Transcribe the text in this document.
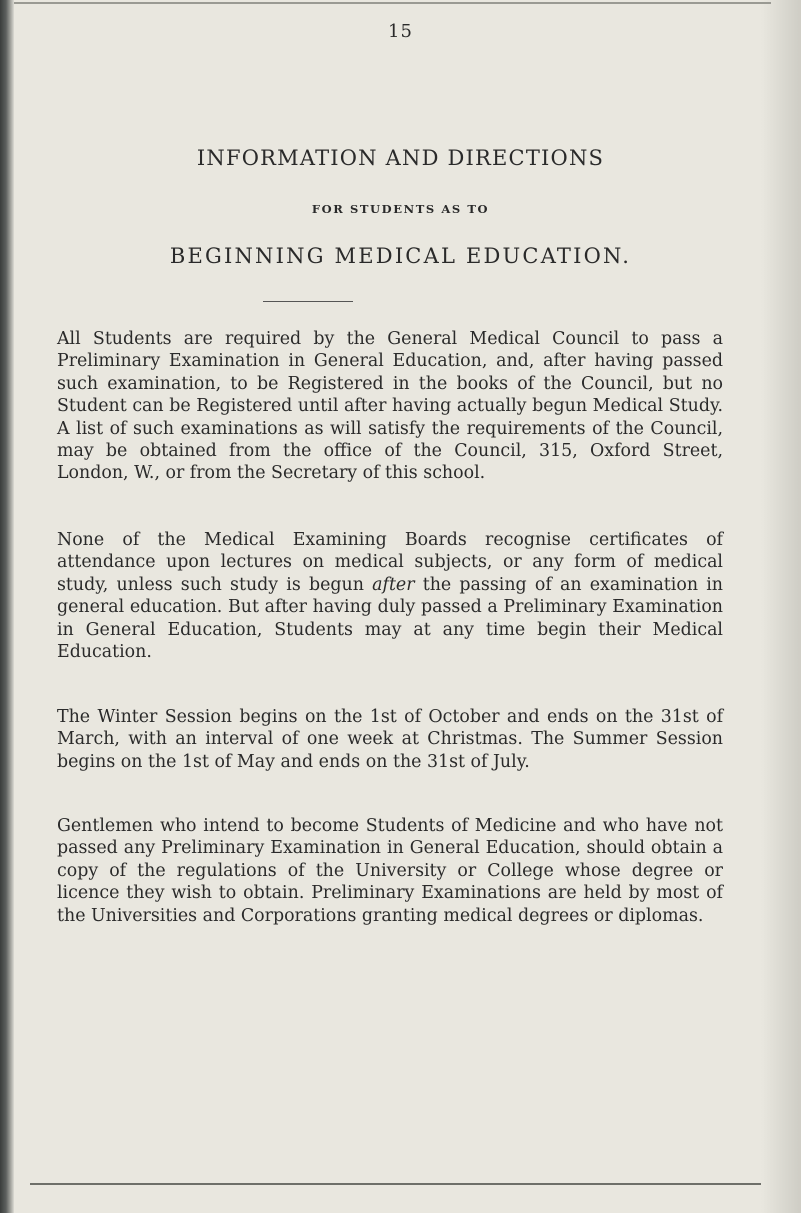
15
INFORMATION AND DIRECTIONS
FOR STUDENTS AS TO
BEGINNING MEDICAL EDUCATION.

All Students are required by the General Medical Council to pass a Preliminary Examination in General Education, and, after having passed such examination, to be Registered in the books of the Council, but no Student can be Registered until after having actually begun Medical Study. A list of such examinations as will satisfy the requirements of the Council, may be obtained from the office of the Council, 315, Oxford Street, London, W., or from the Secretary of this school.

None of the Medical Examining Boards recognise certificates of attendance upon lectures on medical subjects, or any form of medical study, unless such study is begun after the passing of an examination in general education. But after having duly passed a Preliminary Examination in General Education, Students may at any time begin their Medical Education.

The Winter Session begins on the 1st of October and ends on the 31st of March, with an interval of one week at Christmas. The Summer Session begins on the 1st of May and ends on the 31st of July.

Gentlemen who intend to become Students of Medicine and who have not passed any Preliminary Examination in General Education, should obtain a copy of the regulations of the University or College whose degree or licence they wish to obtain. Preliminary Examinations are held by most of the Universities and Corporations granting medical degrees or diplomas.
